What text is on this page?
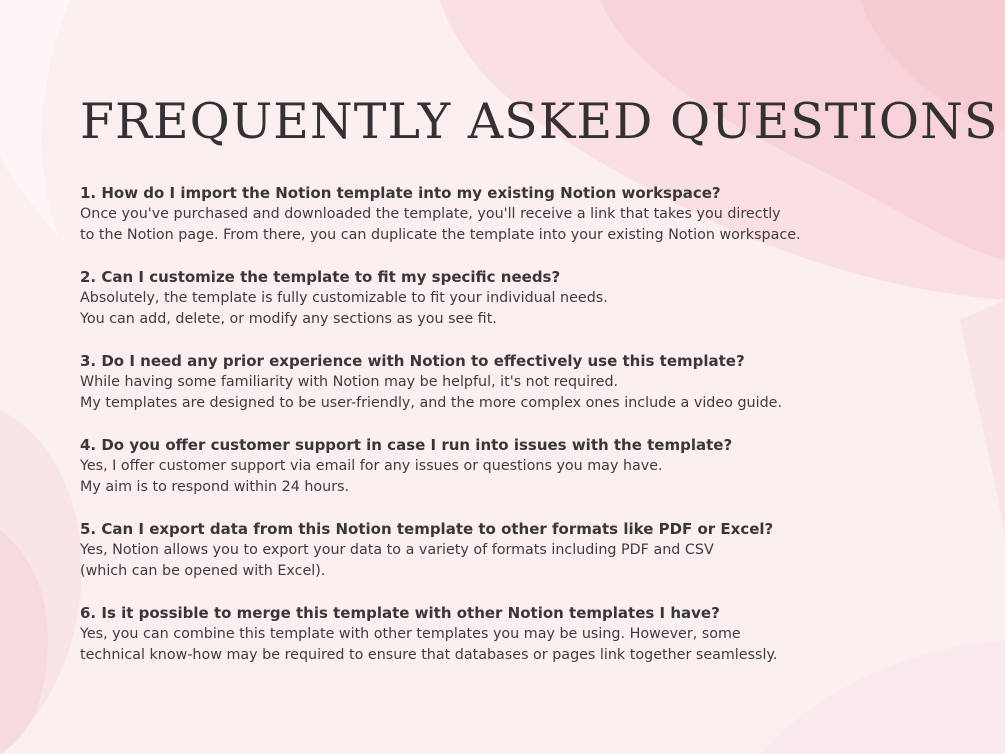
FREQUENTLY ASKED QUESTIONS
1. How do I import the Notion template into my existing Notion workspace?
Once you've purchased and downloaded the template, you'll receive a link that takes you directly
to the Notion page. From there, you can duplicate the template into your existing Notion workspace.
2. Can I customize the template to fit my specific needs?
Absolutely, the template is fully customizable to fit your individual needs.
You can add, delete, or modify any sections as you see fit.
3. Do I need any prior experience with Notion to effectively use this template?
While having some familiarity with Notion may be helpful, it's not required.
My templates are designed to be user-friendly, and the more complex ones include a video guide.
4. Do you offer customer support in case I run into issues with the template?
Yes, I offer customer support via email for any issues or questions you may have.
My aim is to respond within 24 hours.
5. Can I export data from this Notion template to other formats like PDF or Excel?
Yes, Notion allows you to export your data to a variety of formats including PDF and CSV
(which can be opened with Excel).
6. Is it possible to merge this template with other Notion templates I have?
Yes, you can combine this template with other templates you may be using. However, some
technical know-how may be required to ensure that databases or pages link together seamlessly.
